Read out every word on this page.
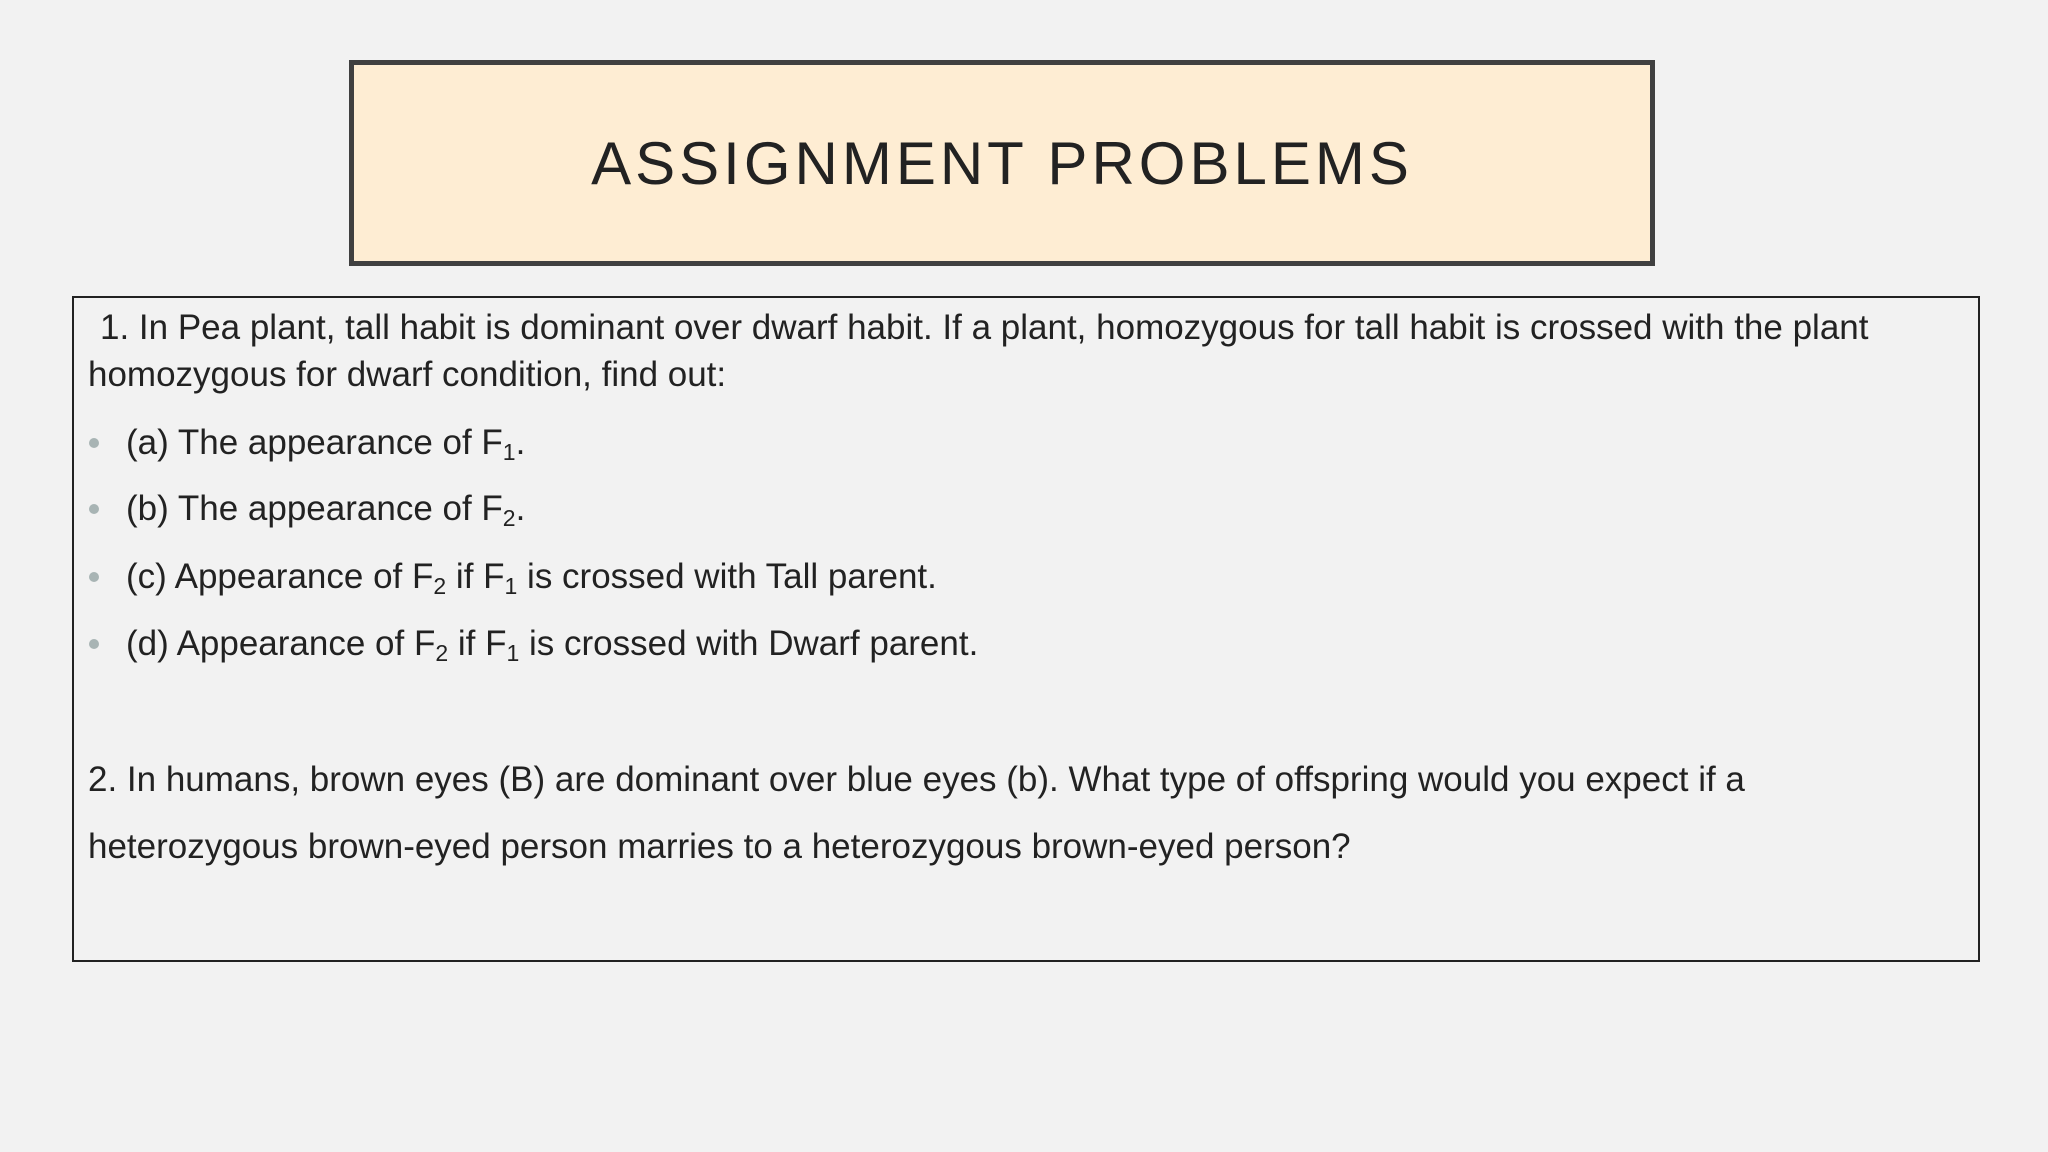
ASSIGNMENT PROBLEMS
1. In Pea plant, tall habit is dominant over dwarf habit. If a plant, homozygous for tall habit is crossed with the plant
homozygous for dwarf condition, find out:
(a) The appearance of $F_1$.
(b) The appearance of $F_2$.
(c) Appearance of $F_2$ if $F_1$ is crossed with Tall parent.
(d) Appearance of $F_2$ if $F_1$ is crossed with Dwarf parent.
2. In humans, brown eyes (B) are dominant over blue eyes (b). What type of offspring would you expect if a
heterozygous brown-eyed person marries to a heterozygous brown-eyed person?
